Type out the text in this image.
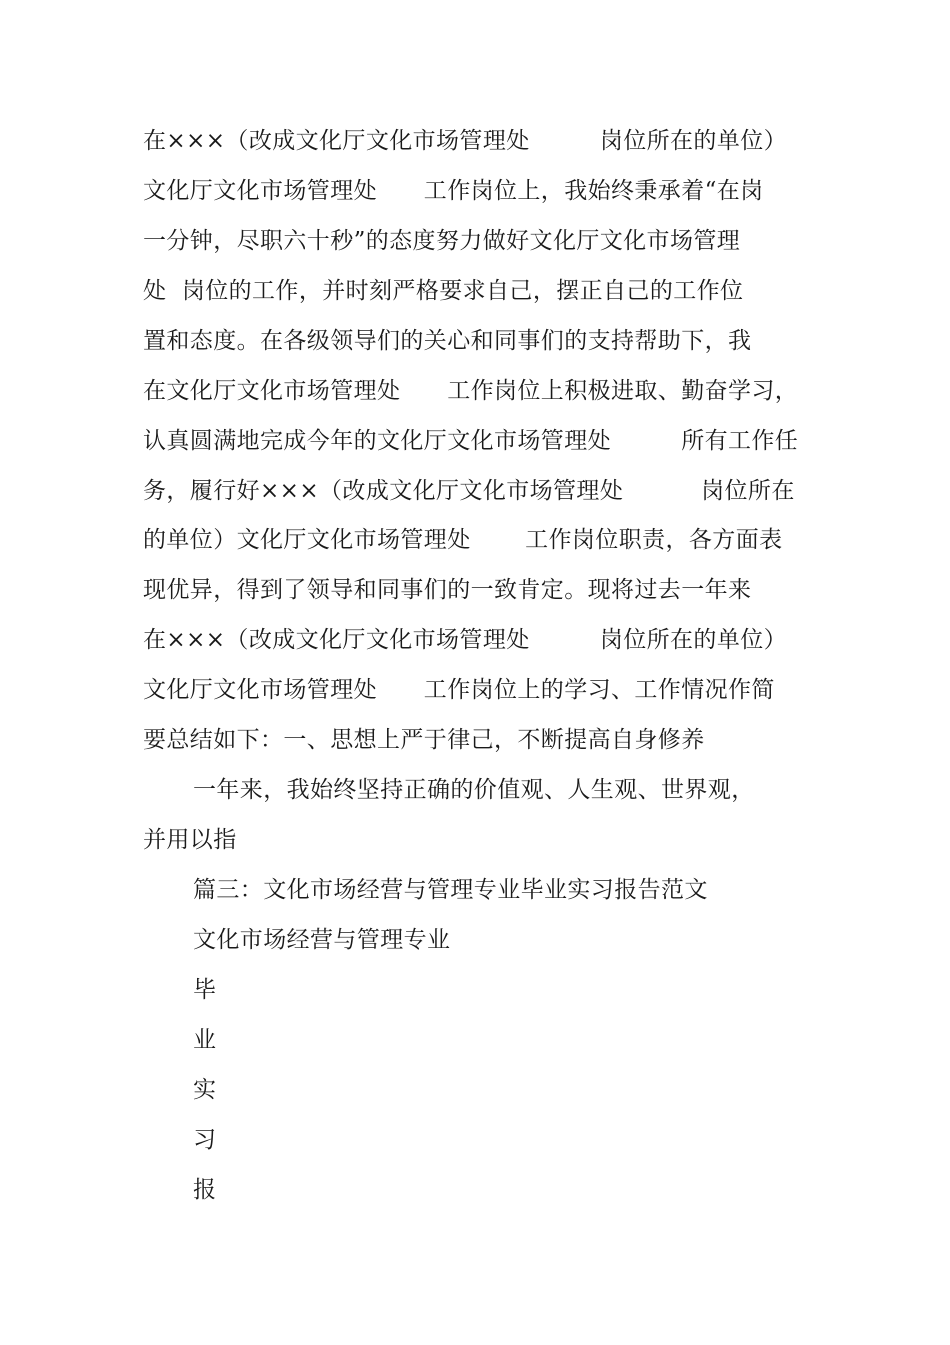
在×××（改成文化厅文化市场管理处　　　岗位所在的单位）
文化厅文化市场管理处　　工作岗位上，我始终秉承着“在岗
一分钟，尽职六十秒”的态度努力做好文化厅文化市场管理
处  岗位的工作，并时刻严格要求自己，摆正自己的工作位
置和态度。在各级领导们的关心和同事们的支持帮助下，我
在文化厅文化市场管理处　　工作岗位上积极进取、勤奋学习，
认真圆满地完成今年的文化厅文化市场管理处　　　所有工作任
务，履行好×××（改成文化厅文化市场管理处　　　 岗位所在
的单位）文化厅文化市场管理处　　 工作岗位职责，各方面表
现优异，得到了领导和同事们的一致肯定。现将过去一年来
在×××（改成文化厅文化市场管理处　　　岗位所在的单位）
文化厅文化市场管理处　　工作岗位上的学习、工作情况作简
要总结如下：一、思想上严于律己，不断提高自身修养
一年来，我始终坚持正确的价值观、人生观、世界观，
并用以指
篇三：文化市场经营与管理专业毕业实习报告范文
文化市场经营与管理专业
毕
业
实
习
报
